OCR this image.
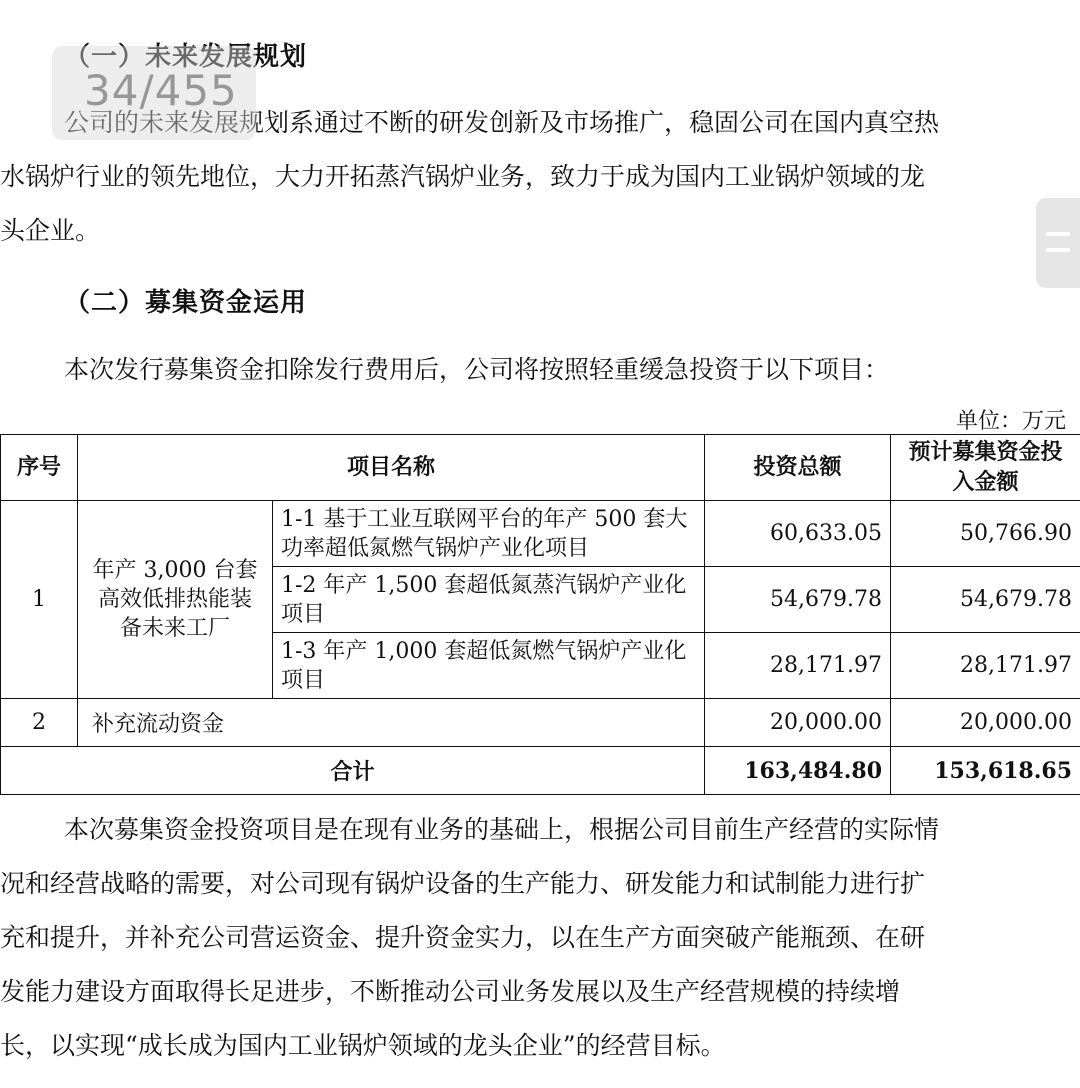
（一）未来发展规划
公司的未来发展规划系通过不断的研发创新及市场推广，稳固公司在国内真空热
水锅炉行业的领先地位，大力开拓蒸汽锅炉业务，致力于成为国内工业锅炉领域的龙
头企业。
（二）募集资金运用
本次发行募集资金扣除发行费用后，公司将按照轻重缓急投资于以下项目：
单位：万元
序号	项目名称		投资总额	预计募集资金投入金额
1	年产 3,000 台套高效低排热能装备未来工厂	1-1 基于工业互联网平台的年产 500 套大功率超低氮燃气锅炉产业化项目	60,633.05	50,766.90
		1-2 年产 1,500 套超低氮蒸汽锅炉产业化项目	54,679.78	54,679.78
		1-3 年产 1,000 套超低氮燃气锅炉产业化项目	28,171.97	28,171.97
2	补充流动资金		20,000.00	20,000.00
合计			163,484.80	153,618.65
本次募集资金投资项目是在现有业务的基础上，根据公司目前生产经营的实际情
况和经营战略的需要，对公司现有锅炉设备的生产能力、研发能力和试制能力进行扩
充和提升，并补充公司营运资金、提升资金实力，以在生产方面突破产能瓶颈、在研
发能力建设方面取得长足进步，不断推动公司业务发展以及生产经营规模的持续增
长，以实现“成长成为国内工业锅炉领域的龙头企业”的经营目标。
34/455
